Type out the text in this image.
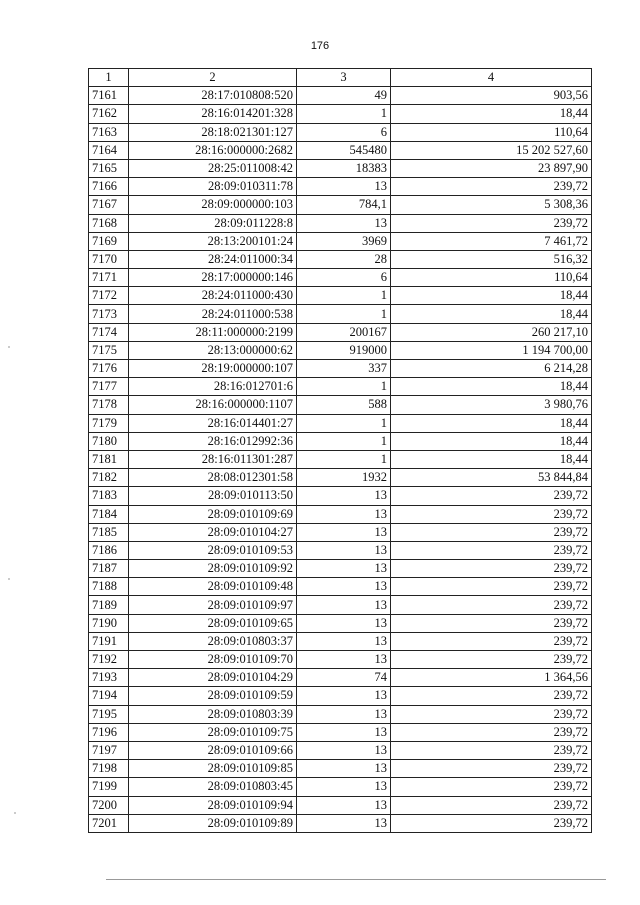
176
1	2	3	4
7161	28:17:010808:520	49	903,56
7162	28:16:014201:328	1	18,44
7163	28:18:021301:127	6	110,64
7164	28:16:000000:2682	545480	15 202 527,60
7165	28:25:011008:42	18383	23 897,90
7166	28:09:010311:78	13	239,72
7167	28:09:000000:103	784,1	5 308,36
7168	28:09:011228:8	13	239,72
7169	28:13:200101:24	3969	7 461,72
7170	28:24:011000:34	28	516,32
7171	28:17:000000:146	6	110,64
7172	28:24:011000:430	1	18,44
7173	28:24:011000:538	1	18,44
7174	28:11:000000:2199	200167	260 217,10
7175	28:13:000000:62	919000	1 194 700,00
7176	28:19:000000:107	337	6 214,28
7177	28:16:012701:6	1	18,44
7178	28:16:000000:1107	588	3 980,76
7179	28:16:014401:27	1	18,44
7180	28:16:012992:36	1	18,44
7181	28:16:011301:287	1	18,44
7182	28:08:012301:58	1932	53 844,84
7183	28:09:010113:50	13	239,72
7184	28:09:010109:69	13	239,72
7185	28:09:010104:27	13	239,72
7186	28:09:010109:53	13	239,72
7187	28:09:010109:92	13	239,72
7188	28:09:010109:48	13	239,72
7189	28:09:010109:97	13	239,72
7190	28:09:010109:65	13	239,72
7191	28:09:010803:37	13	239,72
7192	28:09:010109:70	13	239,72
7193	28:09:010104:29	74	1 364,56
7194	28:09:010109:59	13	239,72
7195	28:09:010803:39	13	239,72
7196	28:09:010109:75	13	239,72
7197	28:09:010109:66	13	239,72
7198	28:09:010109:85	13	239,72
7199	28:09:010803:45	13	239,72
7200	28:09:010109:94	13	239,72
7201	28:09:010109:89	13	239,72
